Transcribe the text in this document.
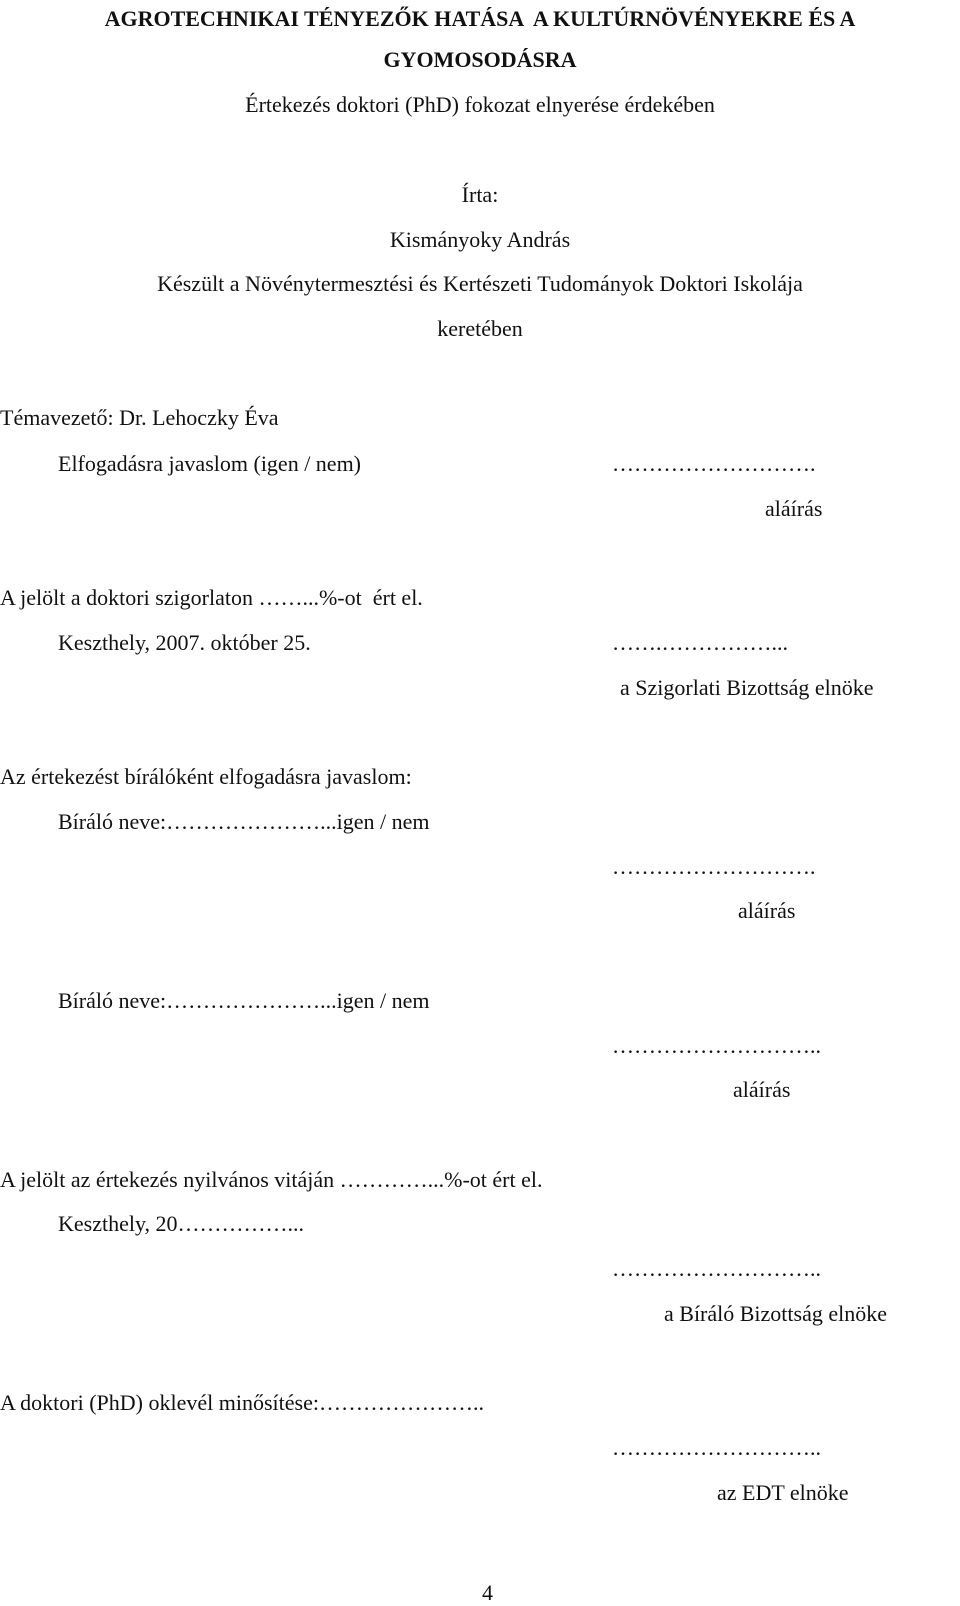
AGROTECHNIKAI TÉNYEZŐK HATÁSA  A KULTÚRNÖVÉNYEKRE ÉS A
GYOMOSODÁSRA
Értekezés doktori (PhD) fokozat elnyerése érdekében
Írta:
Kismányoky András
Készült a Növénytermesztési és Kertészeti Tudományok Doktori Iskolája
keretében
Témavezető: Dr. Lehoczky Éva
Elfogadásra javaslom (igen / nem)	……………………….
aláírás
A jelölt a doktori szigorlaton ……...%-ot  ért el.
Keszthely, 2007. október 25.	…….……………...
a Szigorlati Bizottság elnöke
Az értekezést bírálóként elfogadásra javaslom:
Bíráló neve:…………………...igen / nem
……………………….
aláírás
Bíráló neve:…………………...igen / nem
………………………..
aláírás
A jelölt az értekezés nyilvános vitáján …………...%-ot ért el.
Keszthely, 20……………...
………………………..
a Bíráló Bizottság elnöke
A doktori (PhD) oklevél minősítése:…………………..
………………………..
az EDT elnöke
4
